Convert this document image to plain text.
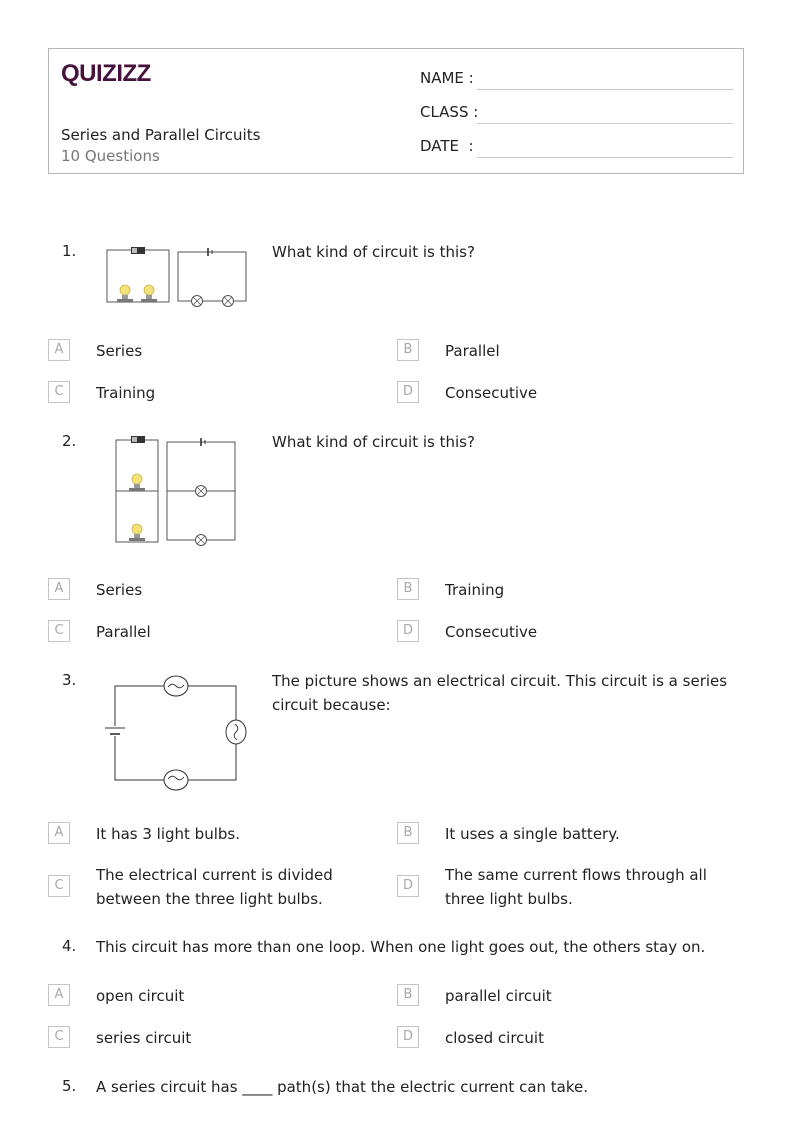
QUIZIZZ
Series and Parallel Circuits
10 Questions
NAME :
CLASS :
DATE  :
1.	What kind of circuit is this?
A	Series	B	Parallel
C	Training	D	Consecutive
2.	What kind of circuit is this?
A	Series	B	Training
C	Parallel	D	Consecutive
3.	The picture shows an electrical circuit. This circuit is a series circuit because:
A	It has 3 light bulbs.	B	It uses a single battery.
C
The electrical current is divided between the three light bulbs.
D
The same current flows through all three light bulbs.
4. This circuit has more than one loop. When one light goes out, the others stay on.
A	open circuit	B	parallel circuit
C	series circuit	D	closed circuit
5. A series circuit has ____ path(s) that the electric current can take.
